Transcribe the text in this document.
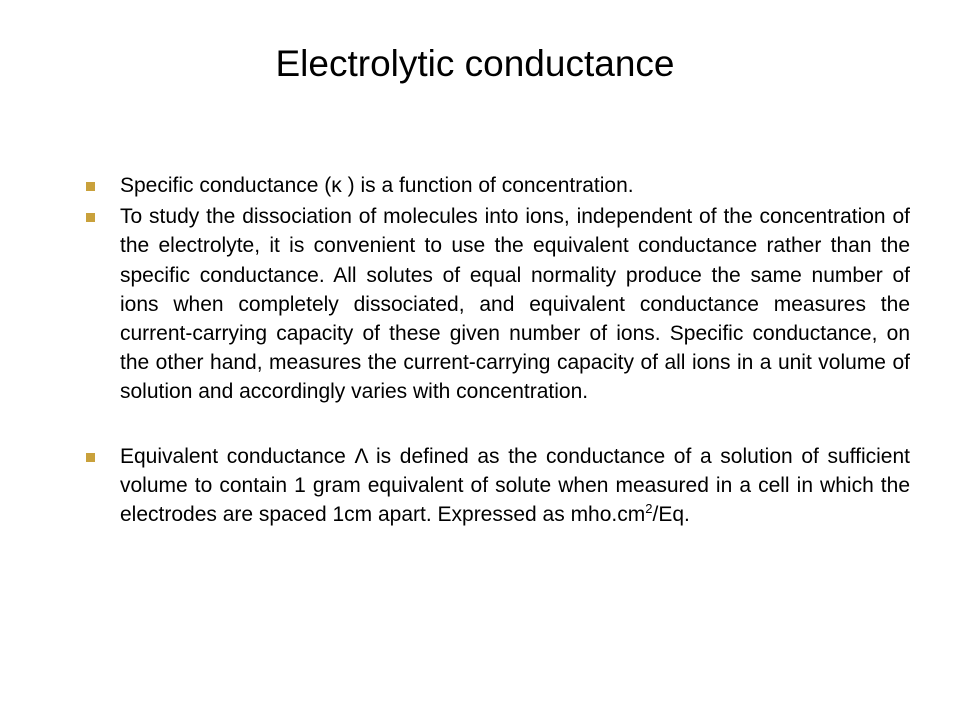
Electrolytic conductance
Specific conductance (κ ) is a function of concentration.
To study the dissociation of molecules into ions, independent of the concentration of the electrolyte, it is convenient to use the equivalent conductance rather than the specific conductance. All solutes of equal normality produce the same number of ions when completely dissociated, and equivalent conductance measures the current-carrying capacity of these given number of ions. Specific conductance, on the other hand, measures the current-carrying capacity of all ions in a unit volume of solution and accordingly varies with concentration.
Equivalent conductance Λ is defined as the conductance of a solution of sufficient volume to contain 1 gram equivalent of solute when measured in a cell in which the electrodes are spaced 1cm apart. Expressed as $mho.cm^2/Eq$.
